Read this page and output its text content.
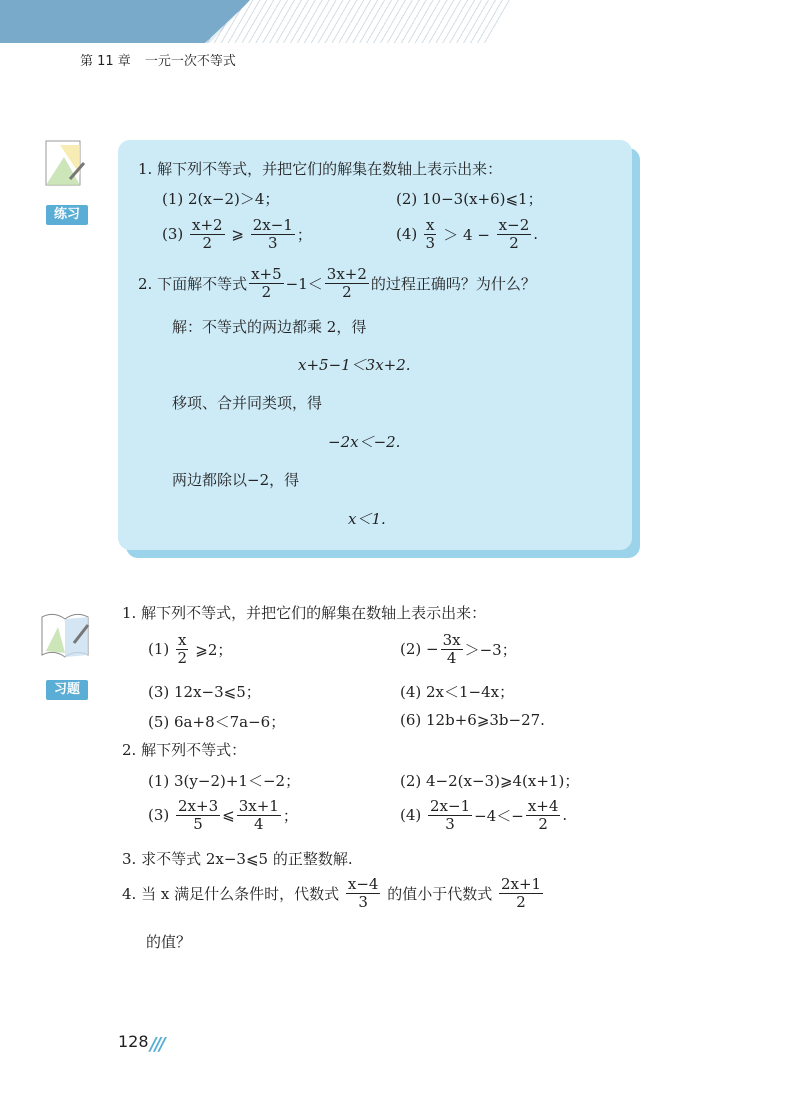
第 11 章 一元一次不等式
练习
1.
解下列不等式，并把它们的解集在数轴上表示出来：
(1) 2(x−2)＞4；	(2) 10−3(x+6)⩽1；
$(3) \frac{x+2}{2}$ ⩾ $\frac{2x-1}{3}$ ；	$(4) \frac{x}{3} > 4 - \frac{x-2}{2}$ .
2. 下面解不等式 $\frac{x+5}{2} -1< \frac{3x+2}{2}$ 的过程正确吗？为什么？
解：不等式的两边都乘 2，得
x+5−1＜3x+2.
移项、合并同类项，得
−2x＜−2.
两边都除以−2，得
x＜1.
习题
1.
解下列不等式，并把它们的解集在数轴上表示出来：
$(1) \frac{x}{2}$ ⩾2；	$(2) - \frac{3x}{4} >-3$；
(3) 12x−3⩽5；	(4) 2x＜1−4x；
(5) 6a+8＜7a−6；	(6) 12b+6⩾3b−27.
2.
解下列不等式：
(1) 3(y−2)+1＜−2；	(2) 4−2(x−3)⩾4(x+1)；
$(3) \frac{2x+3}{5}$ ⩽ $\frac{3x+1}{4}$ ；	$(4) \frac{2x-1}{3} -4<- \frac{x+4}{2}$ .
3. 求不等式 2x−3⩽5 的正整数解.
4. 当 x 满足什么条件时，代数式 $\frac{x-4}{3}$ 的值小于代数式 $\frac{2x+1}{2}$
的值？
128 ///
